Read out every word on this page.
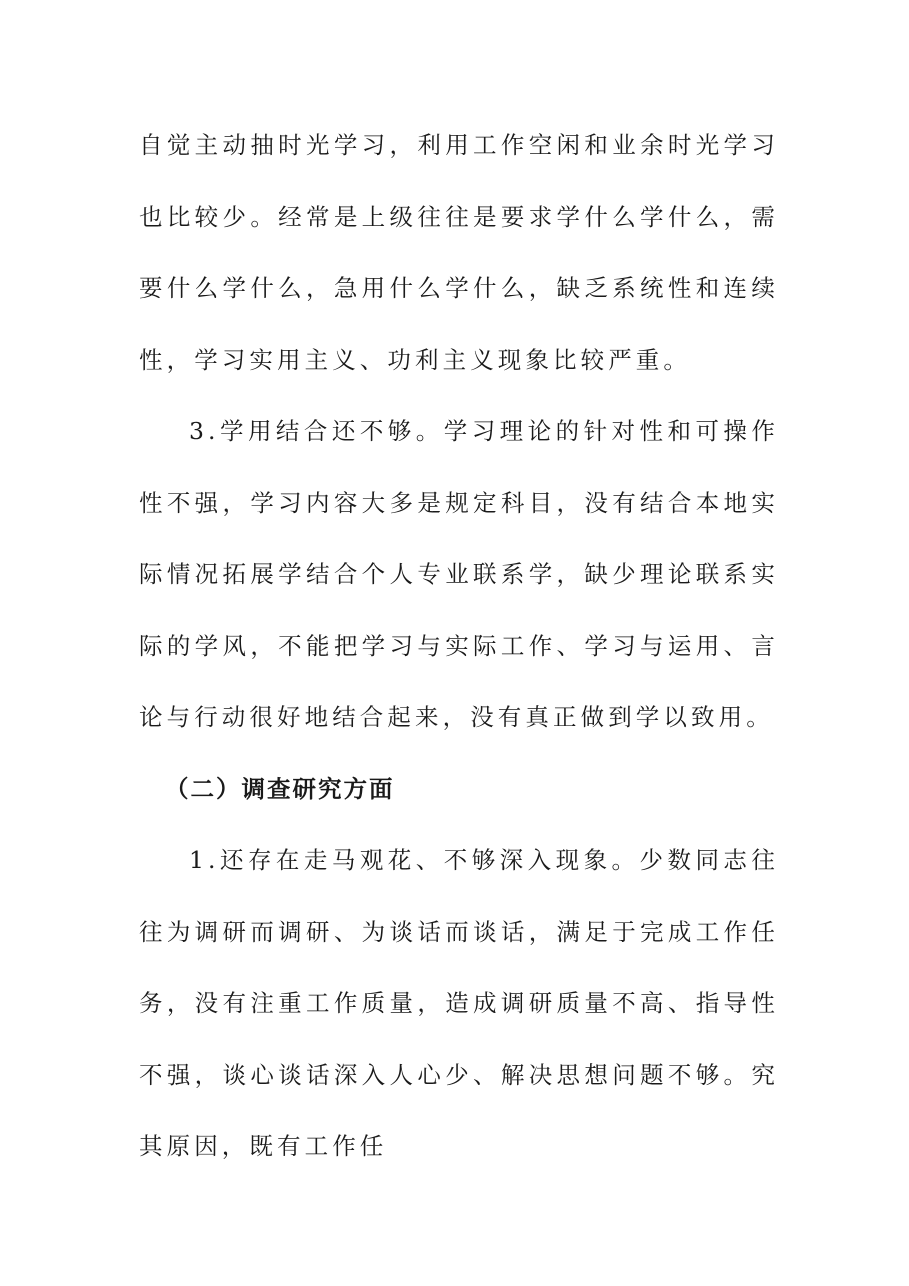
自觉主动抽时光学习，利用工作空闲和业余时光学习也比较少。经常是上级往往是要求学什么学什么，需要什么学什么，急用什么学什么，缺乏系统性和连续性，学习实用主义、功利主义现象比较严重。

3.学用结合还不够。学习理论的针对性和可操作性不强，学习内容大多是规定科目，没有结合本地实际情况拓展学结合个人专业联系学，缺少理论联系实际的学风，不能把学习与实际工作、学习与运用、言论与行动很好地结合起来，没有真正做到学以致用。

（二）调查研究方面

1.还存在走马观花、不够深入现象。少数同志往往为调研而调研、为谈话而谈话，满足于完成工作任务，没有注重工作质量，造成调研质量不高、指导性不强，谈心谈话深入人心少、解决思想问题不够。究其原因，既有工作任
